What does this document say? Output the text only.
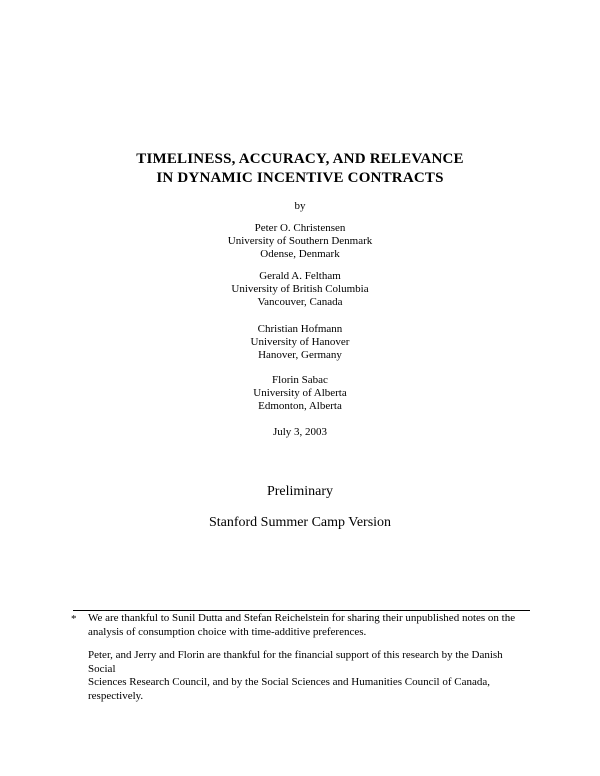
TIMELINESS, ACCURACY, AND RELEVANCE
IN DYNAMIC INCENTIVE CONTRACTS
by
Peter O. Christensen
University of Southern Denmark
Odense, Denmark
Gerald A. Feltham
University of British Columbia
Vancouver, Canada
Christian Hofmann
University of Hanover
Hanover, Germany
Florin Sabac
University of Alberta
Edmonton, Alberta
July 3, 2003
Preliminary
Stanford Summer Camp Version
* We are thankful to Sunil Dutta and Stefan Reichelstein for sharing their unpublished notes on the
analysis of consumption choice with time-additive preferences.
Peter, and Jerry and Florin are thankful for the financial support of this research by the Danish Social
Sciences Research Council, and by the Social Sciences and Humanities Council of Canada,
respectively.
